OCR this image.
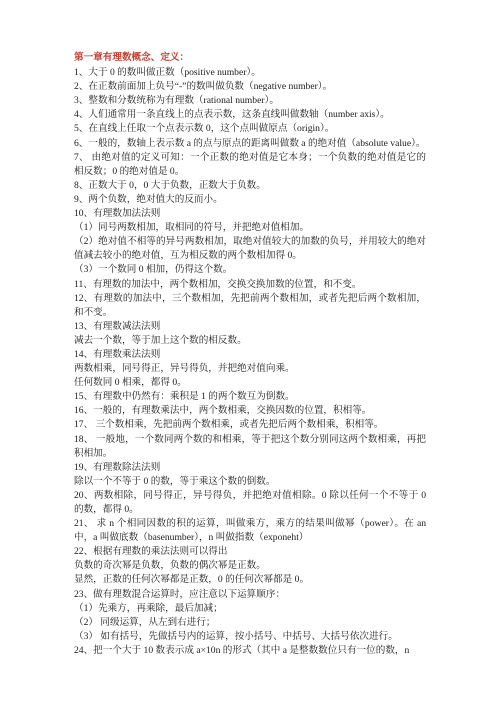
第一章有理数概念、定义：
1、大于 0 的数叫做正数（positive number）。
2、在正数前面加上负号“-”的数叫做负数（negative number）。
3、整数和分数统称为有理数（rational number）。
4、人们通常用一条直线上的点表示数，这条直线叫做数轴（number axis）。
5、在直线上任取一个点表示数 0，这个点叫做原点（origin）。
6、一般的，数轴上表示数 a 的点与原点的距离叫做数 a 的绝对值（absolute value）。
7、 由绝对值的定义可知：一个正数的绝对值是它本身；一个负数的绝对值是它的相反数；0 的绝对值是 0。
8、正数大于 0，0 大于负数，正数大于负数。
9、两个负数，绝对值大的反而小。
10、有理数加法法则
（1）同号两数相加，取相同的符号，并把绝对值相加。
（2）绝对值不相等的异号两数相加，取绝对值较大的加数的负号，并用较大的绝对值减去较小的绝对值，互为相反数的两个数相加得 0。
（3）一个数同 0 相加，仍得这个数。
11、有理数的加法中，两个数相加，交换交换加数的位置，和不变。
12、有理数的加法中，三个数相加，先把前两个数相加，或者先把后两个数相加，和不变。
13、有理数减法法则
减去一个数，等于加上这个数的相反数。
14、有理数乘法法则
两数相乘，同号得正，异号得负，并把绝对值向乘。
任何数同 0 相乘，都得 0。
15、有理数中仍然有：乘积是 1 的两个数互为倒数。
16、一般的，有理数乘法中，两个数相乘，交换因数的位置，积相等。
17、 三个数相乘，先把前两个数相乘，或者先把后两个数相乘，积相等。
18、 一般地，一个数同两个数的和相乘，等于把这个数分别同这两个数相乘，再把积相加。
19、有理数除法法则
除以一个不等于 0 的数，等于乘这个数的倒数。
20、两数相除，同号得正，异号得负，并把绝对值相除。0 除以任何一个不等于 0 的数，都得 0。
21、 求 n 个相同因数的积的运算，叫做乘方，乘方的结果叫做幂（power）。在 an 中，a 叫做底数（basenumber），n 叫做指数（exponeht）
22、根据有理数的乘法法则可以得出
负数的奇次幂是负数，负数的偶次幂是正数。
显然，正数的任何次幂都是正数，0 的任何次幂都是 0。
23、做有理数混合运算时，应注意以下运算顺序：
（1）先乘方，再乘除，最后加减；
（2） 同级运算，从左到右进行；
（3） 如有括号，先做括号内的运算，按小括号、中括号、大括号依次进行。
24、把一个大于 10 数表示成 a×10n 的形式（其中 a 是整数数位只有一位的数，n
